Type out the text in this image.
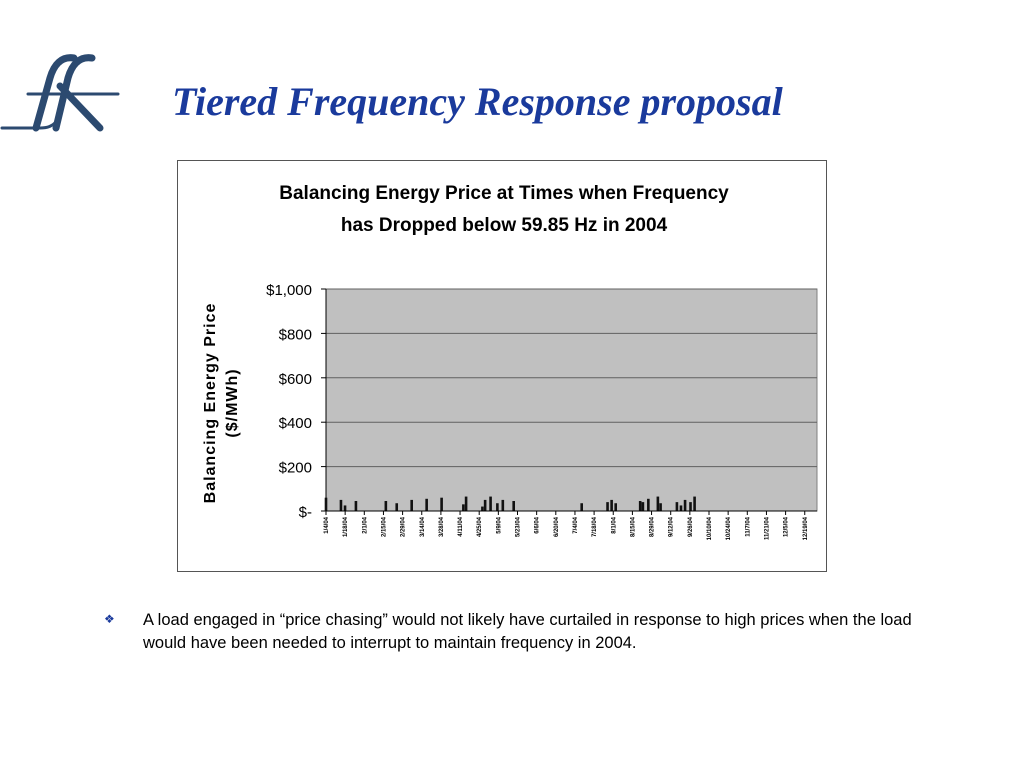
Tiered Frequency Response proposal
Balancing Energy Price at Times when Frequency
has Dropped below 59.85 Hz in 2004
Balancing Energy Price ($/MWh)
$-
$200
$400
$600
$800
$1,000
1/4/04 1/18/04 2/1/04 2/15/04 2/29/04 3/14/04 3/28/04 4/11/04 4/25/04 5/9/04 5/23/04 6/6/04 6/20/04 7/4/04 7/18/04 8/1/04 8/15/04 8/29/04 9/12/04 9/26/04 10/10/04 10/24/04 11/7/04 11/21/04 12/5/04 12/19/04
❖ A load engaged in “price chasing” would not likely have curtailed in response to high prices when the load would have been needed to interrupt to maintain frequency in 2004.
